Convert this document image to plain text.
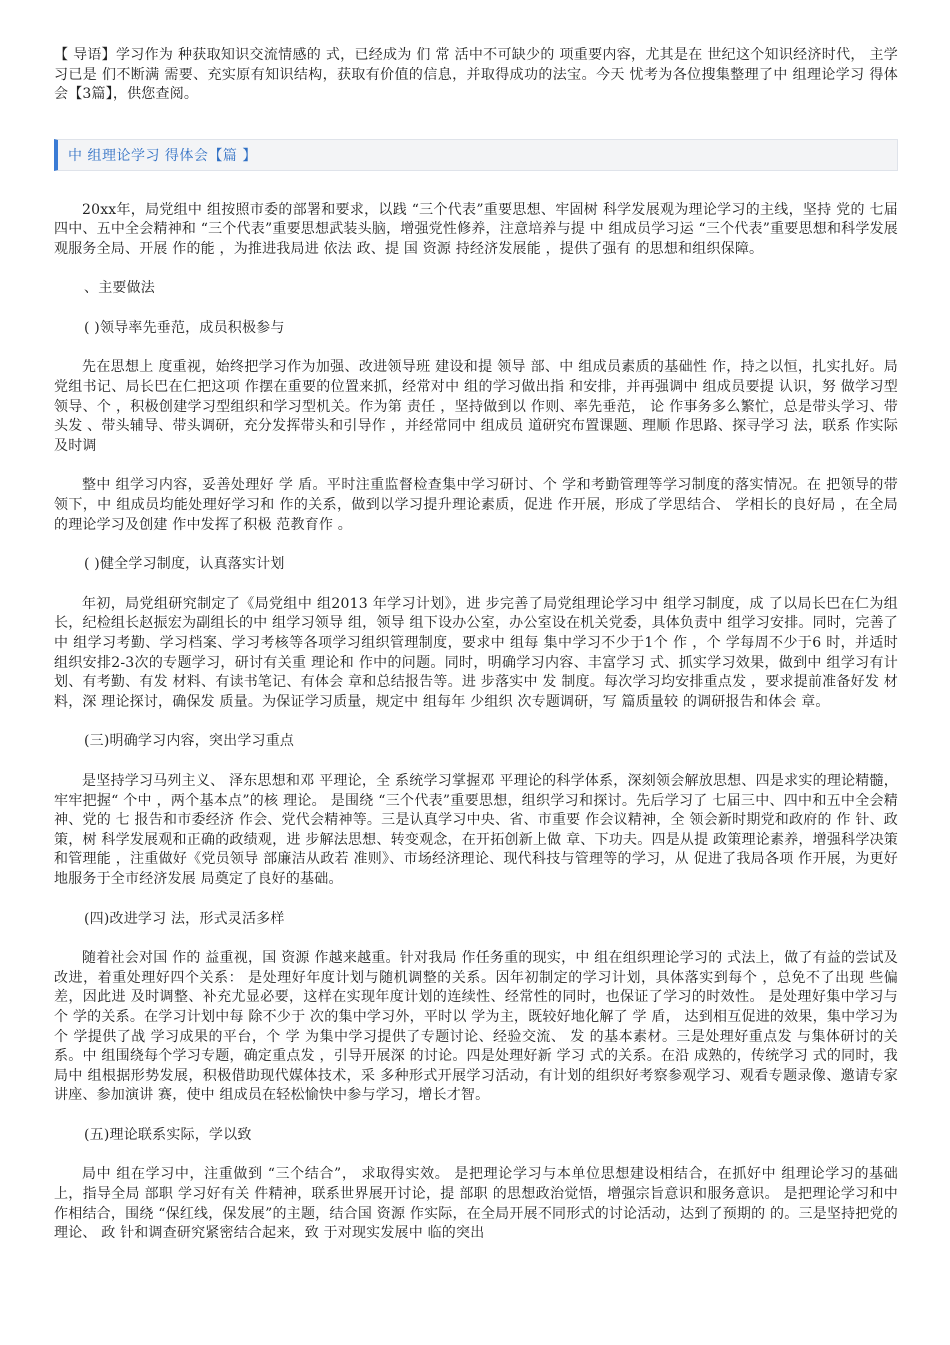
【 导语】学习作为 种获取知识交流情感的 式，已经成为 们 常 活中不可缺少的 项重要内容，尤其是在 世纪这个知识经济时代， 主学习已是 们不断满 需要、充实原有知识结构，获取有价值的信息，并取得成功的法宝。今天 忧考为各位搜集整理了中 组理论学习 得体会【3篇】，供您查阅。

中 组理论学习 得体会【篇 】

20xx年，局党组中 组按照市委的部署和要求，以践 “三个代表”重要思想、牢固树 科学发展观为理论学习的主线，坚持 党的 七届四中、五中全会精神和 “三个代表”重要思想武装头脑，增强党性修养，注意培养与提 中 组成员学习运 “三个代表”重要思想和科学发展观服务全局、开展 作的能 ，为推进我局进 依法 政、提 国 资源 持经济发展能 ，提供了强有 的思想和组织保障。

、主要做法

( )领导率先垂范，成员积极参与

先在思想上 度重视，始终把学习作为加强、改进领导班 建设和提 领导 部、中 组成员素质的基础性 作，持之以恒，扎实扎好。局党组书记、局长巴在仁把这项 作摆在重要的位置来抓，经常对中 组的学习做出指 和安排，并再强调中 组成员要提 认识，努 做学习型领导、个 ，积极创建学习型组织和学习型机关。作为第 责任 ，坚持做到以 作则、率先垂范， 论 作事务多么繁忙，总是带头学习、带头发 、带头辅导、带头调研，充分发挥带头和引导作 ，并经常同中 组成员 道研究布置课题、理顺 作思路、探寻学习 法，联系 作实际及时调

整中 组学习内容，妥善处理好 学 盾。平时注重监督检查集中学习研讨、个 学和考勤管理等学习制度的落实情况。在 把领导的带领下，中 组成员均能处理好学习和 作的关系，做到以学习提升理论素质，促进 作开展，形成了学思结合、 学相长的良好局 ，在全局的理论学习及创建 作中发挥了积极 范教育作 。

( )健全学习制度，认真落实计划

年初，局党组研究制定了《局党组中 组2013 年学习计划》，进 步完善了局党组理论学习中 组学习制度，成 了以局长巴在仁为组长，纪检组长赵振宏为副组长的中 组学习领导 组，领导 组下设办公室，办公室设在机关党委，具体负责中 组学习安排。同时，完善了中 组学习考勤、学习档案、学习考核等各项学习组织管理制度，要求中 组每 集中学习不少于1个 作 ，个 学每周不少于6 时，并适时组织安排2-3次的专题学习，研讨有关重 理论和 作中的问题。同时，明确学习内容、丰富学习 式、抓实学习效果，做到中 组学习有计划、有考勤、有发 材料、有读书笔记、有体会 章和总结报告等。进 步落实中 发 制度。每次学习均安排重点发 ，要求提前准备好发 材料，深 理论探讨，确保发 质量。为保证学习质量，规定中 组每年 少组织 次专题调研，写 篇质量较 的调研报告和体会 章。

(三)明确学习内容，突出学习重点

是坚持学习马列主义、 泽东思想和邓 平理论，全 系统学习掌握邓 平理论的科学体系，深刻领会解放思想、四是求实的理论精髓，牢牢把握“ 个中 ，两个基本点”的核 理论。 是围绕 “三个代表”重要思想，组织学习和探讨。先后学习了 七届三中、四中和五中全会精神、党的 七 报告和市委经济 作会、党代会精神等。三是认真学习中央、省、市重要 作会议精神，全 领会新时期党和政府的 作 针、政策，树 科学发展观和正确的政绩观，进 步解法思想、转变观念，在开拓创新上做 章、下功夫。四是从提 政策理论素养，增强科学决策和管理能 ，注重做好《党员领导 部廉洁从政若 准则》、市场经济理论、现代科技与管理等的学习，从 促进了我局各项 作开展，为更好地服务于全市经济发展 局奠定了良好的基础。

(四)改进学习 法，形式灵活多样

随着社会对国 作的 益重视，国 资源 作越来越重。针对我局 作任务重的现实，中 组在组织理论学习的 式法上，做了有益的尝试及改进，着重处理好四个关系： 是处理好年度计划与随机调整的关系。因年初制定的学习计划，具体落实到每个 ，总免不了出现 些偏差，因此进 及时调整、补充尤显必要，这样在实现年度计划的连续性、经常性的同时，也保证了学习的时效性。 是处理好集中学习与个 学的关系。在学习计划中每 除不少于 次的集中学习外，平时以 学为主，既较好地化解了 学 盾， 达到相互促进的效果，集中学习为个 学提供了战 学习成果的平台，个 学 为集中学习提供了专题讨论、经验交流、 发 的基本素材。三是处理好重点发 与集体研讨的关系。中 组围绕每个学习专题，确定重点发 ，引导开展深 的讨论。四是处理好新 学习 式的关系。在沿 成熟的，传统学习 式的同时，我局中 组根据形势发展，积极借助现代媒体技术，采 多种形式开展学习活动，有计划的组织好考察参观学习、观看专题录像、邀请专家讲座、参加演讲 赛，使中 组成员在轻松愉快中参与学习，增长才智。

(五)理论联系实际，学以致

局中 组在学习中，注重做到 “三个结合”， 求取得实效。 是把理论学习与本单位思想建设相结合，在抓好中 组理论学习的基础上，指导全局 部职 学习好有关 件精神，联系世界展开讨论，提 部职 的思想政治觉悟，增强宗旨意识和服务意识。 是把理论学习和中 作相结合，围绕 “保红线，保发展”的主题，结合国 资源 作实际，在全局开展不同形式的讨论活动，达到了预期的 的。三是坚持把党的理论、 政 针和调查研究紧密结合起来，致 于对现实发展中 临的突出
